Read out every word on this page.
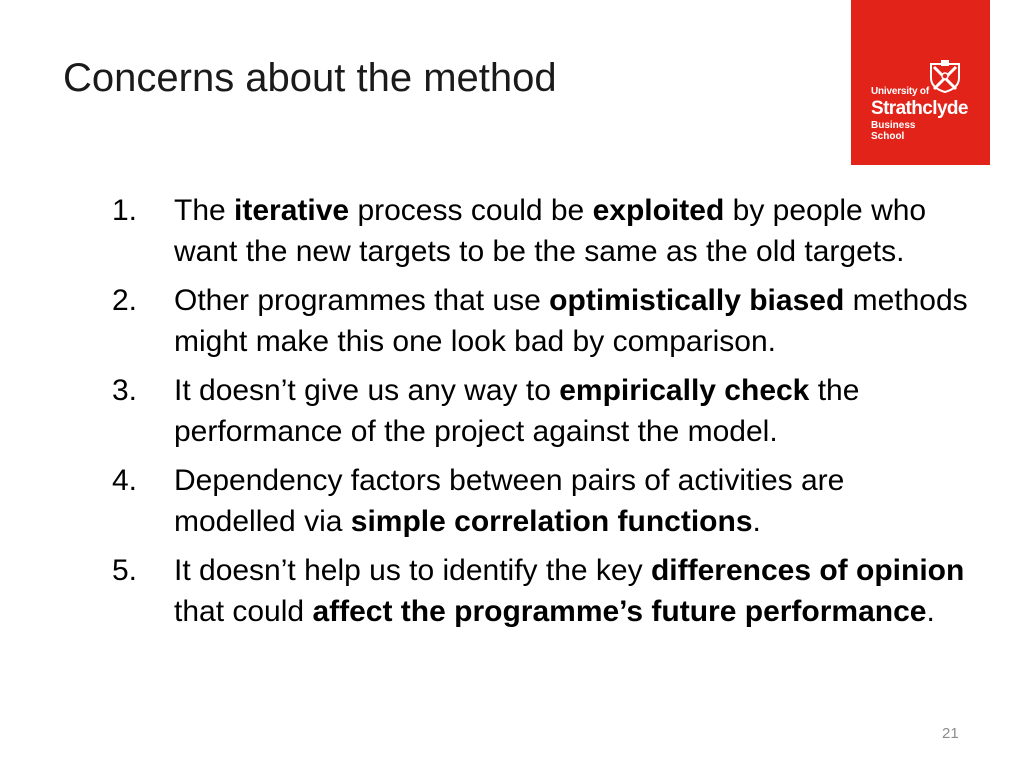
Concerns about the method	University of
Strathclyde
Business
School
1. The iterative process could be exploited by people who want the new targets to be the same as the old targets.
2. Other programmes that use optimistically biased methods might make this one look bad by comparison.
3. It doesn’t give us any way to empirically check the performance of the project against the model.
4. Dependency factors between pairs of activities are modelled via simple correlation functions.
5. It doesn’t help us to identify the key differences of opinion that could affect the programme’s future performance.
21
